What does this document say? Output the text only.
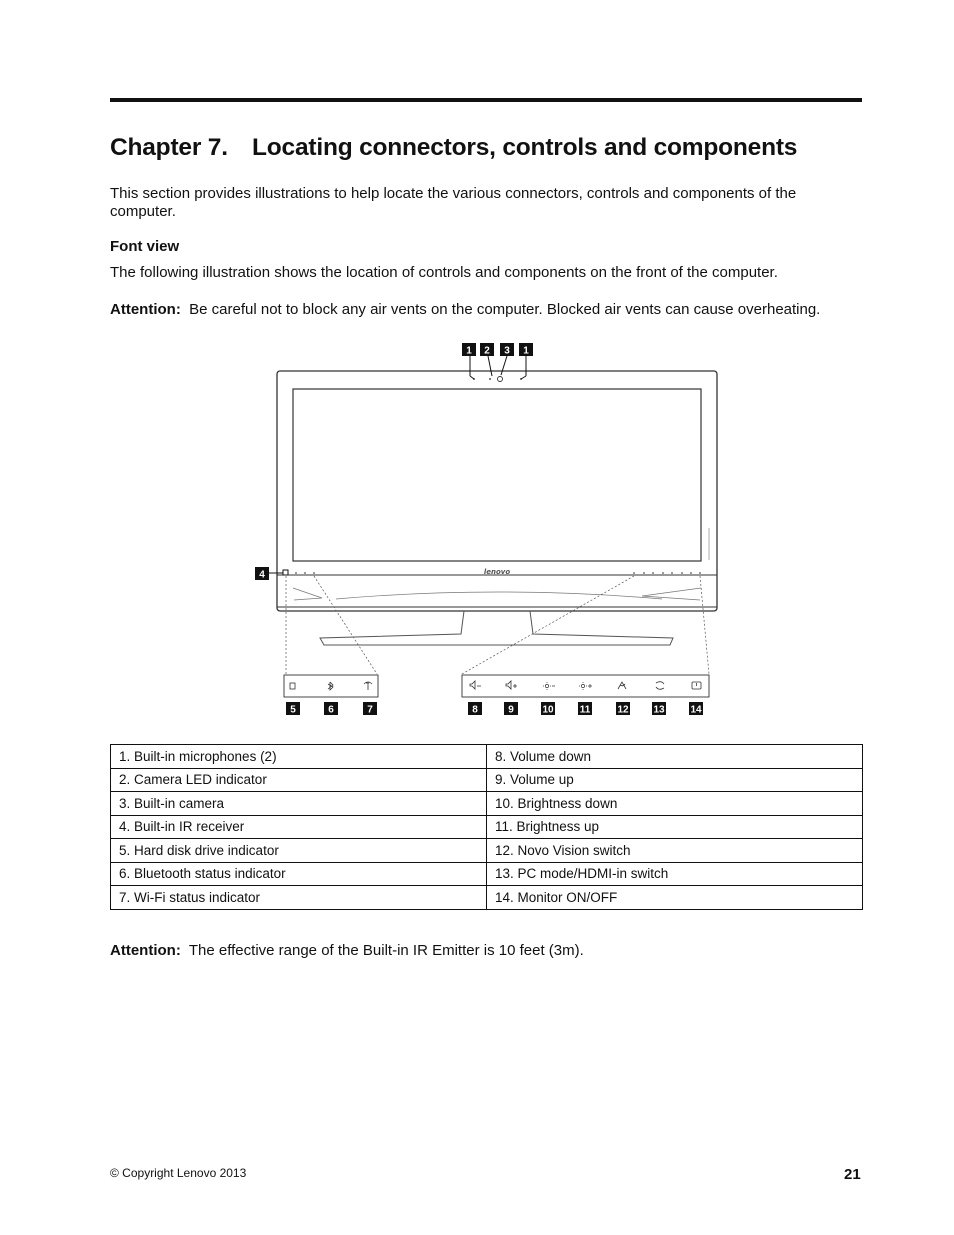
Chapter 7. Locating connectors, controls and components

This section provides illustrations to help locate the various connectors, controls and components of the computer.

Font view

The following illustration shows the location of controls and components on the front of the computer.

Attention: Be careful not to block any air vents on the computer. Blocked air vents can cause overheating.

lenovo
1 2 3 1
4
5	6	7	8	9	10	11	12 13	14
1. Built-in microphones (2)	8. Volume down
2. Camera LED indicator	9. Volume up
3. Built-in camera	10. Brightness down
4. Built-in IR receiver	11. Brightness up
5. Hard disk drive indicator	12. Novo Vision switch
6. Bluetooth status indicator	13. PC mode/HDMI-in switch
7. Wi-Fi status indicator	14. Monitor ON/OFF

Attention: The effective range of the Built-in IR Emitter is 10 feet (3m).

© Copyright Lenovo 2013	21
